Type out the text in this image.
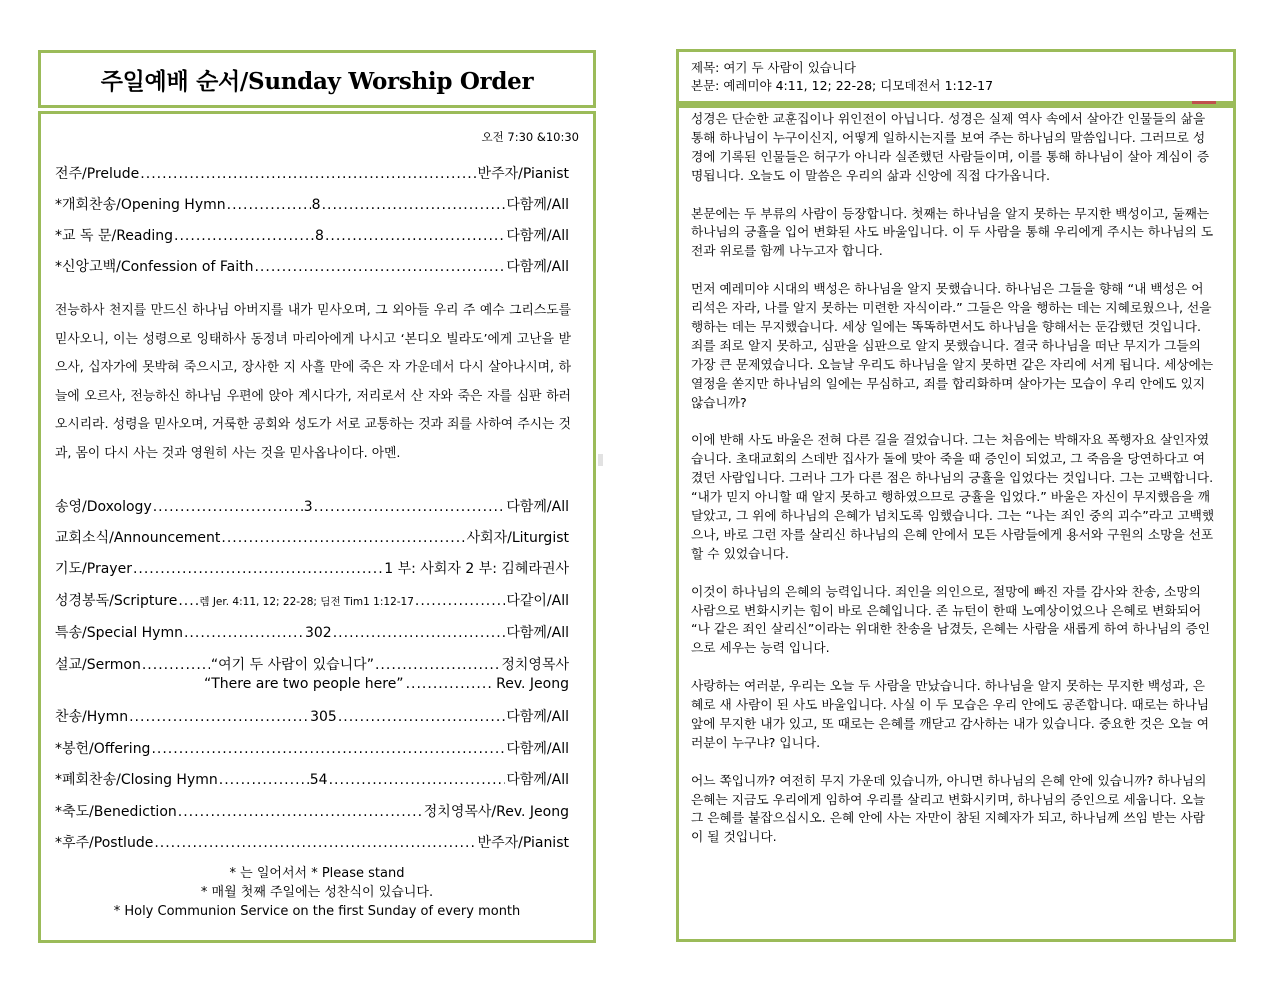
주일예배 순서/Sunday Worship Order
오전 7:30 &10:30
전주/Prelude .....	반주자/Pianist
*개회찬송/Opening Hymn .....	8 .....	다함께/All
*교 독 문/Reading .....	8 .....	다함께/All
*신앙고백/Confession of Faith .....	다함께/All
전능하사 천지를 만드신 하나님 아버지를 내가 믿사오며, 그 외아들 우리 주 예수 그리스도를 믿사오니, 이는 성령으로 잉태하사 동정녀 마리아에게 나시고 ‘본디오 빌라도’에게 고난을 받으사, 십자가에 못박혀 죽으시고, 장사한 지 사흘 만에 죽은 자 가운데서 다시 살아나시며, 하늘에 오르사, 전능하신 하나님 우편에 앉아 계시다가, 저리로서 산 자와 죽은 자를 심판 하러 오시리라. 성령을 믿사오며, 거룩한 공회와 성도가 서로 교통하는 것과 죄를 사하여 주시는 것과, 몸이 다시 사는 것과 영원히 사는 것을 믿사옵나이다. 아멘.
송영/Doxology .....	3 .....	다함께/All
교회소식/Announcement .....	사회자/Liturgist
기도/Prayer .....	1 부: 사회자 2 부: 김혜라권사
성경봉독/Scripture ..... 렘 Jer. 4:11, 12; 22-28; 딤전 Tim1 1:12-17 .....	다같이/All
특송/Special Hymn .....	302 .....	다함께/All
설교/Sermon .....	“여기 두 사람이 있습니다” .....	정치영목사
“There are two people here” .....	Rev. Jeong
찬송/Hymn .....	305 .....	다함께/All
*봉헌/Offering .....	다함께/All
*폐회찬송/Closing Hymn .....	54 .....	다함께/All
*축도/Benediction .....	정치영목사/Rev. Jeong
*후주/Postlude .....	반주자/Pianist
* 는 일어서서 * Please stand
* 매월 첫째 주일에는 성찬식이 있습니다.
* Holy Communion Service on the first Sunday of every month
제목: 여기 두 사람이 있습니다
본문: 예레미야 4:11, 12; 22-28; 디모데전서 1:12-17

성경은 단순한 교훈집이나 위인전이 아닙니다. 성경은 실제 역사 속에서 살아간 인물들의 삶을 통해 하나님이 누구이신지, 어떻게 일하시는지를 보여 주는 하나님의 말씀입니다. 그러므로 성경에 기록된 인물들은 허구가 아니라 실존했던 사람들이며, 이를 통해 하나님이 살아 계심이 증명됩니다. 오늘도 이 말씀은 우리의 삶과 신앙에 직접 다가옵니다.

본문에는 두 부류의 사람이 등장합니다. 첫째는 하나님을 알지 못하는 무지한 백성이고, 둘째는 하나님의 긍휼을 입어 변화된 사도 바울입니다. 이 두 사람을 통해 우리에게 주시는 하나님의 도전과 위로를 함께 나누고자 합니다.

먼저 예레미야 시대의 백성은 하나님을 알지 못했습니다. 하나님은 그들을 향해 “내 백성은 어리석은 자라, 나를 알지 못하는 미련한 자식이라.” 그들은 악을 행하는 데는 지혜로웠으나, 선을 행하는 데는 무지했습니다. 세상 일에는 똑똑하면서도 하나님을 향해서는 둔감했던 것입니다. 죄를 죄로 알지 못하고, 심판을 심판으로 알지 못했습니다. 결국 하나님을 떠난 무지가 그들의 가장 큰 문제였습니다. 오늘날 우리도 하나님을 알지 못하면 같은 자리에 서게 됩니다. 세상에는 열정을 쏟지만 하나님의 일에는 무심하고, 죄를 합리화하며 살아가는 모습이 우리 안에도 있지 않습니까?

이에 반해 사도 바울은 전혀 다른 길을 걸었습니다. 그는 처음에는 박해자요 폭행자요 살인자였습니다. 초대교회의 스데반 집사가 돌에 맞아 죽을 때 증인이 되었고, 그 죽음을 당연하다고 여겼던 사람입니다. 그러나 그가 다른 점은 하나님의 긍휼을 입었다는 것입니다. 그는 고백합니다. “내가 믿지 아니할 때 알지 못하고 행하였으므로 긍휼을 입었다.” 바울은 자신이 무지했음을 깨달았고, 그 위에 하나님의 은혜가 넘치도록 임했습니다. 그는 “나는 죄인 중의 괴수”라고 고백했으나, 바로 그런 자를 살리신 하나님의 은혜 안에서 모든 사람들에게 용서와 구원의 소망을 선포할 수 있었습니다.

이것이 하나님의 은혜의 능력입니다. 죄인을 의인으로, 절망에 빠진 자를 감사와 찬송, 소망의 사람으로 변화시키는 힘이 바로 은혜입니다. 존 뉴턴이 한때 노예상이었으나 은혜로 변화되어 “나 같은 죄인 살리신”이라는 위대한 찬송을 남겼듯, 은혜는 사람을 새롭게 하여 하나님의 증인으로 세우는 능력 입니다.

사랑하는 여러분, 우리는 오늘 두 사람을 만났습니다. 하나님을 알지 못하는 무지한 백성과, 은혜로 새 사람이 된 사도 바울입니다. 사실 이 두 모습은 우리 안에도 공존합니다. 때로는 하나님 앞에 무지한 내가 있고, 또 때로는 은혜를 깨닫고 감사하는 내가 있습니다. 중요한 것은 오늘 여러분이 누구냐? 입니다.

어느 쪽입니까? 여전히 무지 가운데 있습니까, 아니면 하나님의 은혜 안에 있습니까? 하나님의 은혜는 지금도 우리에게 임하여 우리를 살리고 변화시키며, 하나님의 증인으로 세웁니다. 오늘 그 은혜를 붙잡으십시오. 은혜 안에 사는 자만이 참된 지혜자가 되고, 하나님께 쓰임 받는 사람이 될 것입니다.
